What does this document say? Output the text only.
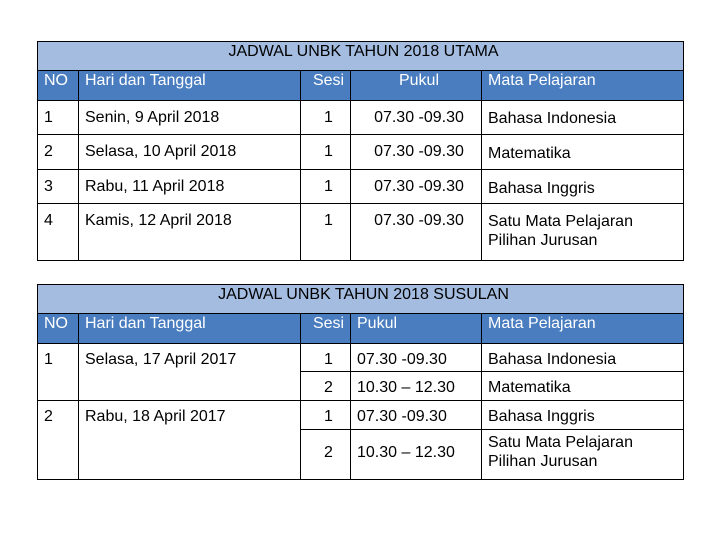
JADWAL UNBK TAHUN 2018 UTAMA				
NO	Hari dan Tanggal	Sesi	Pukul	Mata Pelajaran

1	Senin, 9 April 2018	1	07.30 -09.30	Bahasa Indonesia

2	Selasa, 10 April 2018	1	07.30 -09.30	Matematika

3	Rabu, 11 April 2018	1	07.30 -09.30	Bahasa Inggris

4	Kamis, 12 April 2018	1	07.30 -09.30	Satu Mata Pelajaran
Pilihan Jurusan
JADWAL UNBK TAHUN 2018 SUSULAN				
NO	Hari dan Tanggal	Sesi	Pukul	Mata Pelajaran

1	Selasa, 17 April 2017	1	07.30 -09.30	Bahasa Indonesia

		2	10.30 – 12.30	Matematika

2	Rabu, 18 April 2017	1	07.30 -09.30	Bahasa Inggris

		2	10.30 – 12.30	Satu Mata Pelajaran
Pilihan Jurusan
